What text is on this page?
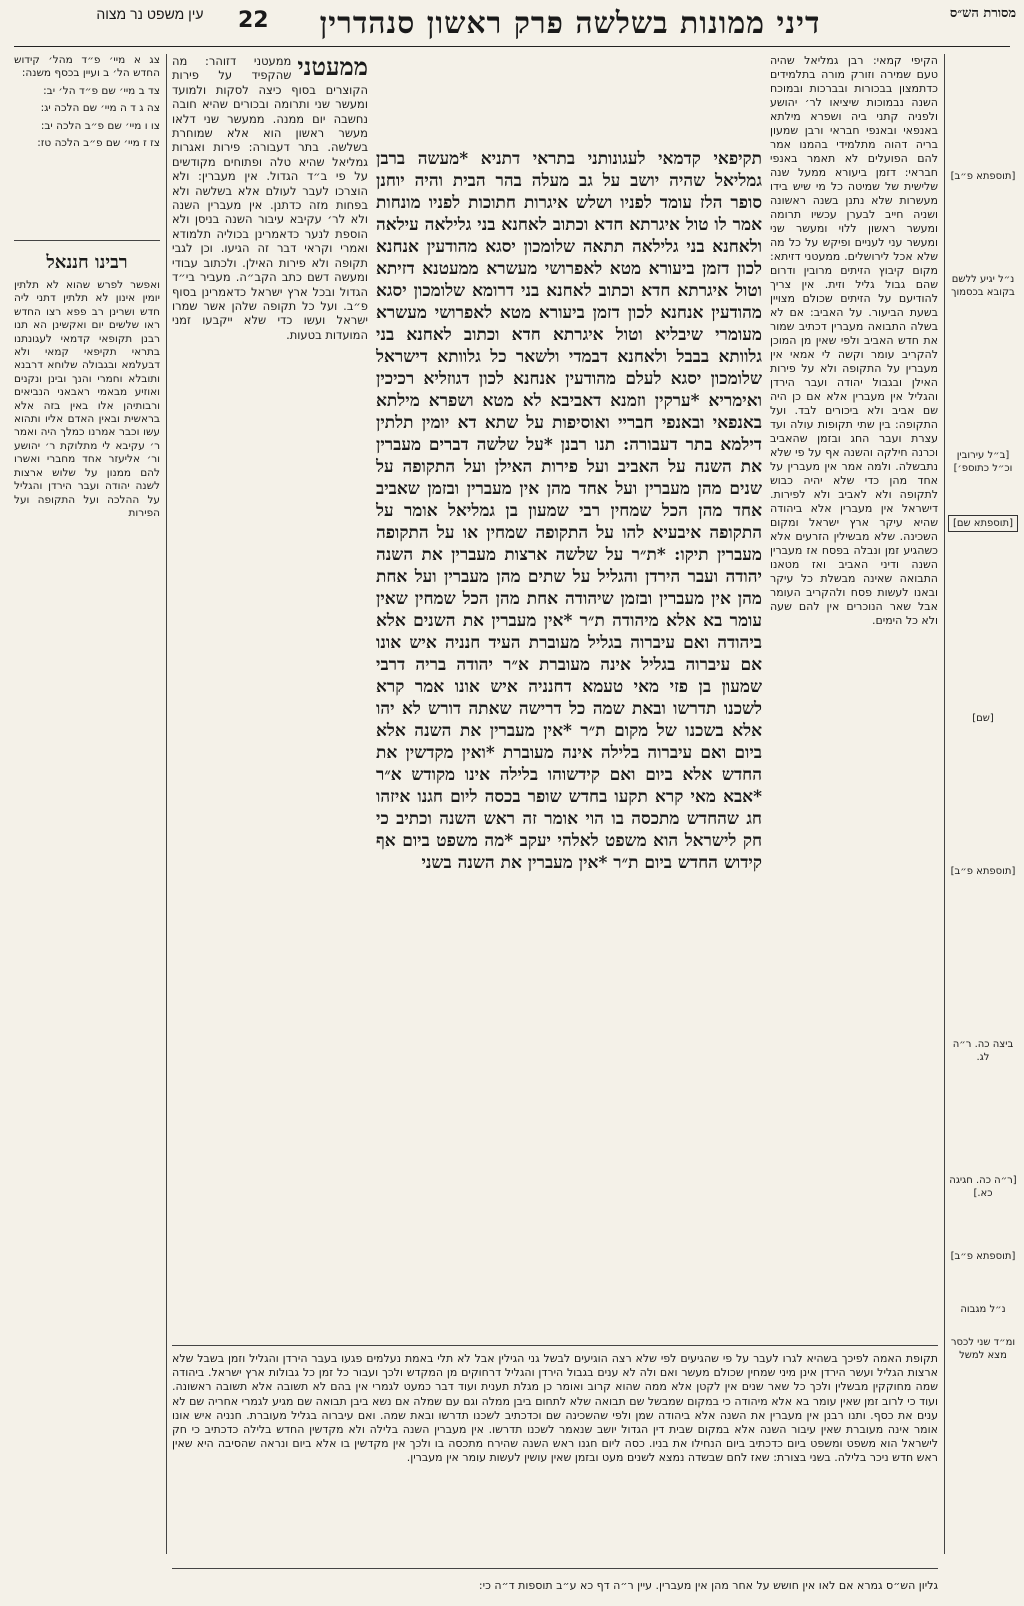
עין משפט נר מצוה 22	דיני ממונות בשלשה פרק ראשון סנהדרין	מסורת הש״ס

צג א מיי׳ פ״ד מהל׳ קידוש החדש הל׳ ב ועיין בכסף משנה:

צד ב מיי׳ שם פ״ד הל׳ יב:

צה ג ד ה מיי׳ שם הלכה יג:

צו ו מיי׳ שם פ״ב הלכה יב:

צז ז מיי׳ שם פ״ב הלכה טז:

רבינו חננאל
ואפשר לפרש שהוא לא תלתין יומין אינון לא תלתין דתני ליה חדש ושרינן רב פפא רצו החדש ראו שלשים יום ואקשינן הא תנו רבנן תקופאי קדמאי לעגונתנו בתראי תקיפאי קמאי ולא דבעלמא ובגבולה שלוחא דרבנא ותובלא וחמרי והנך ובינן ונקנים ואוזיע מבאמי ראבאני הנביאים ורבותיהן אלו באין בזה אלא בראשית ובאין האדם אליו ותהוא עשו וכבר אמרנו כמלך היה ואמר ר׳ עקיבא לי מתלוקת ר׳ יהושע ור׳ אליעזר אחד מחברי ואשרו להם ממנון על שלוש ארצות לשנה יהודה ועבר הירדן והגליל על ההלכה ועל התקופה ועל הפירות
ממעטני
ממעטני דזוהר: מה שהקפיד על פירות הקוצרים בסוף כיצה לסקות ולמועד ומעשר שני ותרומה ובכורים שהיא חובה נחשבה יום ממנה. ממעשר שני דלאו מעשר ראשון הוא אלא שמוחרת בשלשה. בתר דעבורה: פירות ואגרות גמליאל שהיא טלה ופתוחים מקודשים על פי ב״ד הגדול. אין מעברין: ולא הוצרכו לעבר לעולם אלא בשלשה ולא בפחות מזה כדתנן. אין מעברין השנה ולא לר׳ עקיבא עיבור השנה בניסן ולא הוספת לנער כדאמרינן בכוליה תלמודא ואמרי וקראי דבר זה הגיעו. וכן לגבי תקופה ולא פירות האילן. ולכתוב עבודי ומעשה דשם כתב הקב״ה. מעביר בי״ד הגדול ובכל ארץ ישראל כדאמרינן בסוף פ״ב. ועל כל תקופה שלהן אשר שמרו ישראל ועשו כדי שלא ייקבעו זמני המועדות בטעות.
תקיפאי קדמאי לעגונותני בתראי דתניא *מעשה ברבן גמליאל שהיה יושב על גב מעלה בהר הבית והיה יוחנן סופר הלז עומד לפניו ושלש איגרות חתוכות לפניו מונחות אמר לו טול איגרתא חדא וכתוב לאחנא בני גלילאה עילאה ולאחנא בני גלילאה תתאה שלומכון יסגא מהודעין אנחנא לכון דזמן ביעורא מטא לאפרושי מעשרא ממעטנא דזיתא וטול איגרתא חדא וכתוב לאחנא בני דרומא שלומכון יסגא מהודעין אנחנא לכון דזמן ביעורא מטא לאפרושי מעשרא מעומרי שיבליא וטול איגרתא חדא וכתוב לאחנא בני גלוותא בבבל ולאחנא דבמדי ולשאר כל גלוותא דישראל שלומכון יסגא לעלם מהודעין אנחנא לכון דגוזליא רכיכין ואימריא *ערקין וזמנא דאביבא לא מטא ושפרא מילתא באנפאי ובאנפי חבריי ואוסיפות על שתא דא יומין תלתין דילמא בתר דעבורה: תנו רבנן *על שלשה דברים מעברין את השנה על האביב ועל פירות האילן ועל התקופה על שנים מהן מעברין ועל אחד מהן אין מעברין ובזמן שאביב אחד מהן הכל שמחין רבי שמעון בן גמליאל אומר על התקופה איבעיא להו על התקופה שמחין או על התקופה מעברין תיקו: *ת״ר על שלשה ארצות מעברין את השנה יהודה ועבר הירדן והגליל על שתים מהן מעברין ועל אחת מהן אין מעברין ובזמן שיהודה אחת מהן הכל שמחין שאין עומר בא אלא מיהודה ת״ר *אין מעברין את השנים אלא ביהודה ואם עיברוה בגליל מעוברת העיד חנניה איש אונו אם עיברוה בגליל אינה מעוברת א״ר יהודה בריה דרבי שמעון בן פזי מאי טעמא דחנניה איש אונו אמר קרא לשכנו תדרשו ובאת שמה כל דרישה שאתה דורש לא יהו אלא בשכנו של מקום ת״ר *אין מעברין את השנה אלא ביום ואם עיברוה בלילה אינה מעוברת *ואין מקדשין את החדש אלא ביום ואם קידשוהו בלילה אינו מקודש א״ר *אבא מאי קרא תקעו בחדש שופר בכסה ליום חגנו איזהו חג שהחדש מתכסה בו הוי אומר זה ראש השנה וכתיב כי חק לישראל הוא משפט לאלהי יעקב *מה משפט ביום אף קידוש החדש ביום ת״ר *אין מעברין את השנה בשני
הקיפי קמאי: רבן גמליאל שהיה טעם שמירה וזורק מורה בתלמידים כדתמצון בבכורות ובברכות ובמוכח השנה נבמוכות שיציאו לר׳ יהושע ולפניה קתני ביה ושפרא מילתא באנפאי ובאנפי חבראי ורבן שמעון בריה דהוה מתלמידי בהמנו אמר להם הפועלים לא תאמר באנפי חבראי: דזמן ביעורא ממעל שנה שלישית של שמיטה כל מי שיש בידו מעשרות שלא נתנן בשנה ראשונה ושניה חייב לבערן עכשיו תרומה ומעשר ראשון ללוי ומעשר שני ומעשר עני לעניים ופיקש על כל מה שלא אכל לירושלים. ממעטני דזיתא: מקום קיבוץ הזיתים מרובין ודרום שהם גבול גליל וזית. אין צריך להודיעם על הזיתים שכולם מצויין בשעת הביעור. על האביב: אם לא בשלה התבואה מעברין דכתיב שמור את חדש האביב ולפי שאין מן המוכן להקריב עומר וקשה לי אמאי אין מעברין על התקופה ולא על פירות האילן ובגבול יהודה ועבר הירדן והגליל אין מעברין אלא אם כן היה שם אביב ולא ביכורים לבד. ועל התקופה: בין שתי תקופות עולה ועד עצרת ועבר החג ובזמן שהאביב וכרנה חילקה והשנה אף על פי שלא נתבשלה. ולמה אמר אין מעברין על אחד מהן כדי שלא יהיה כבוש לתקופה ולא לאביב ולא לפירות. דישראל אין מעברין אלא ביהודה שהיא עיקר ארץ ישראל ומקום השכינה. שלא מבשילין הזרעים אלא כשהגיע זמן ונבלה בפסח אז מעברין השנה ודיני האביב ואז מטאנו התבואה שאינה מבשלת כל עיקר ובאנו לעשות פסח ולהקריב העומר אבל שאר הנוכרים אין להם שעה ולא כל הימים.
[תוספתא פ״ב]
נ״ל יגיע ללשם בקובא בכסמוך
[ב״ל עירובין וכ״ל כתוספ׳]
[תוספתא שם]
[שם]
[תוספתא פ״ב]
ביצה כה. ר״ה לג.
[ר״ה כה. חגיגה כא.]
[תוספתא פ״ב]
נ״ל מגבוה
ומ״ד שני לכסר מצא למשל
תקופת האמה לפיכך בשהיא לגרו לעבר על פי שהגיעים לפי שלא רצה הוגיעים לבשל גני הגילין אבל לא תלי באמת נעלמים פגעו בעבר הירדן והגליל וזמן בשבל שלא ארצות הגליל ועשר הירדן אינן מיני שמחין שכולם מעשר ואם ולה לא ענים בגבול הירדן והגליל דרחוקים מן המקדש ולכך ועבור כל זמן כל גבולות ארץ ישראל. ביהודה שמה מחוקקין מבשלין ולכך כל שאר שנים אין לקטן אלא ממה שהוא קרוב ואומר כן מגלת תענית ועוד דבר כמעט לגמרי אין בהם לא תשובה אלא תשובה ראשונה. ועוד כי לרוב זמן שאין עומר בא אלא מיהודה כי במקום שמבשל שם תבואה שלא לתחום ביבן ממלה וגם עם שמלה אם נשא ביבן תבואה שם מגיע לגמרי אחריה שם לא ענים את כסף. ותנו רבנן אין מעברין את השנה אלא ביהודה שמן ולפי שהשכינה שם וכדכתיב לשכנו תדרשו ובאת שמה. ואם עיברוה בגליל מעוברת. חנניה איש אונו אומר אינה מעוברת שאין עיבור השנה אלא במקום שבית דין הגדול יושב שנאמר לשכנו תדרשו. אין מעברין השנה בלילה ולא מקדשין החדש בלילה כדכתיב כי חק לישראל הוא משפט ומשפט ביום כדכתיב ביום הנחילו את בניו. כסה ליום חגנו ראש השנה שהירח מתכסה בו ולכך אין מקדשין בו אלא ביום ונראה שהסיבה היא שאין ראש חדש ניכר בלילה. בשני בצורת: שאז לחם שבשדה נמצא לשנים מעט ובזמן שאין עושין לעשות עומר אין מעברין.
גליון הש״ס גמרא אם לאו אין חושש על אחר מהן אין מעברין. עיין ר״ה דף כא ע״ב תוספות ד״ה כי:
